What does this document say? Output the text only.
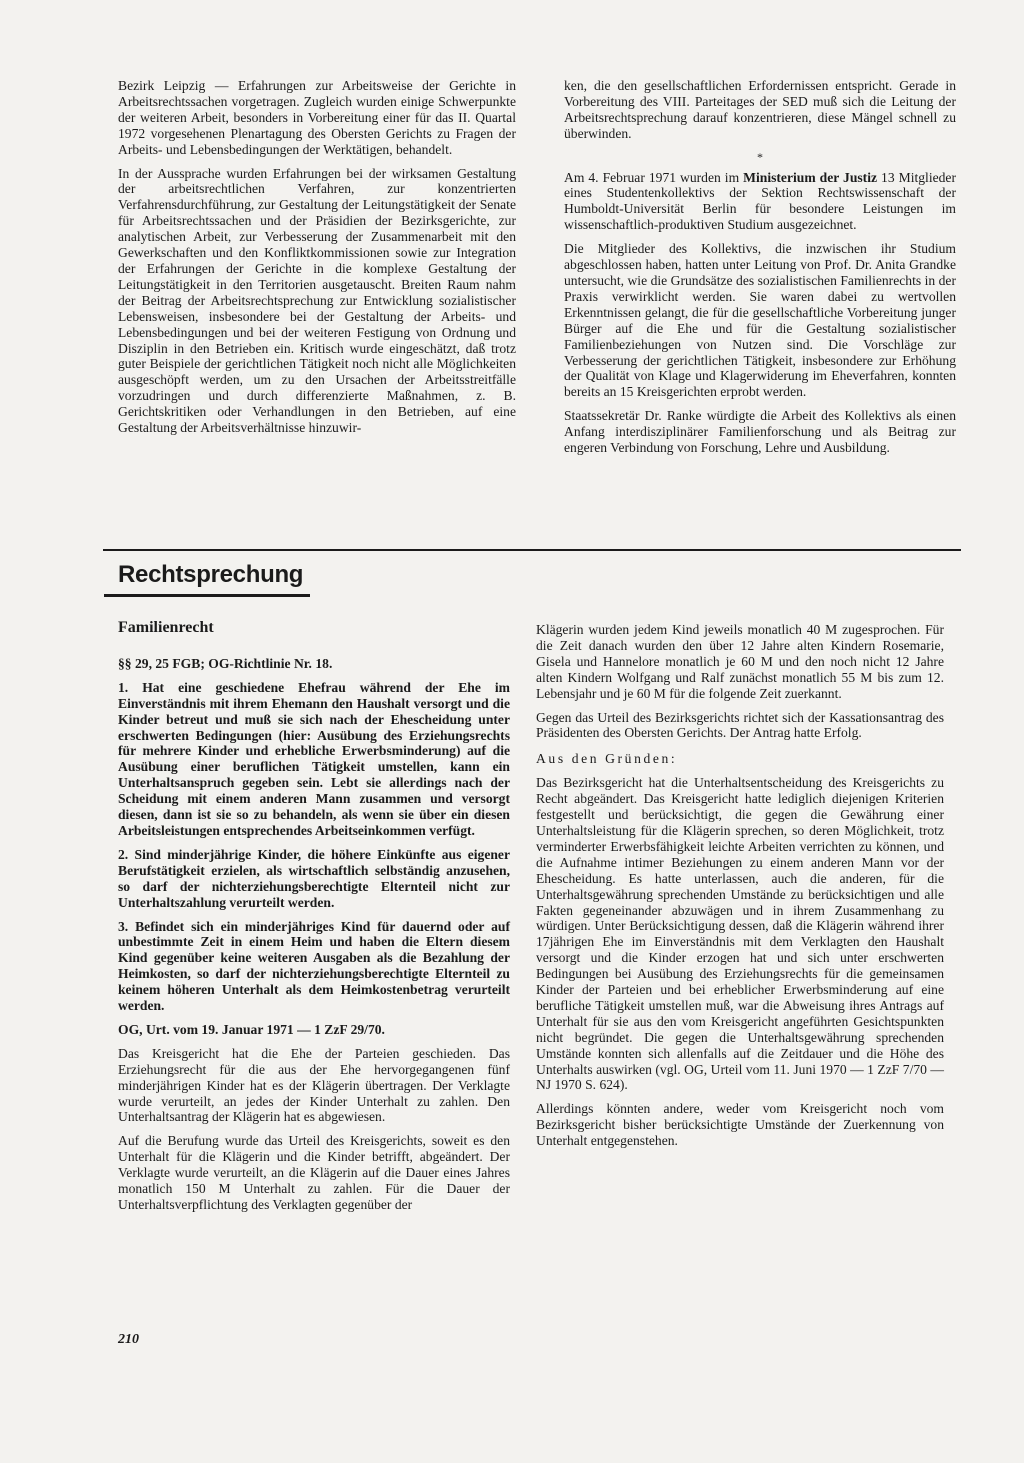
Bezirk Leipzig — Erfahrungen zur Arbeitsweise der Gerichte in Arbeitsrechtssachen vorgetragen. Zugleich wurden einige Schwerpunkte der weiteren Arbeit, besonders in Vorbereitung einer für das II. Quartal 1972 vorgesehenen Plenartagung des Obersten Gerichts zu Fragen der Arbeits- und Lebensbedingungen der Werktätigen, behandelt.

In der Aussprache wurden Erfahrungen bei der wirksamen Gestaltung der arbeitsrechtlichen Verfahren, zur konzentrierten Verfahrensdurchführung, zur Gestaltung der Leitungstätigkeit der Senate für Arbeitsrechtssachen und der Präsidien der Bezirksgerichte, zur analytischen Arbeit, zur Verbesserung der Zusammenarbeit mit den Gewerkschaften und den Konfliktkommissionen sowie zur Integration der Erfahrungen der Gerichte in die komplexe Gestaltung der Leitungstätigkeit in den Territorien ausgetauscht. Breiten Raum nahm der Beitrag der Arbeitsrechtsprechung zur Entwicklung sozialistischer Lebensweisen, insbesondere bei der Gestaltung der Arbeits- und Lebensbedingungen und bei der weiteren Festigung von Ordnung und Disziplin in den Betrieben ein. Kritisch wurde eingeschätzt, daß trotz guter Beispiele der gerichtlichen Tätigkeit noch nicht alle Möglichkeiten ausgeschöpft werden, um zu den Ursachen der Arbeitsstreitfälle vorzudringen und durch differenzierte Maßnahmen, z. B. Gerichtskritiken oder Verhandlungen in den Betrieben, auf eine Gestaltung der Arbeitsverhältnisse hinzuwir-

ken, die den gesellschaftlichen Erfordernissen entspricht. Gerade in Vorbereitung des VIII. Parteitages der SED muß sich die Leitung der Arbeitsrechtsprechung darauf konzentrieren, diese Mängel schnell zu überwinden.

*

Am 4. Februar 1971 wurden im Ministerium der Justiz 13 Mitglieder eines Studentenkollektivs der Sektion Rechtswissenschaft der Humboldt-Universität Berlin für besondere Leistungen im wissenschaftlich-produktiven Studium ausgezeichnet.

Die Mitglieder des Kollektivs, die inzwischen ihr Studium abgeschlossen haben, hatten unter Leitung von Prof. Dr. Anita Grandke untersucht, wie die Grundsätze des sozialistischen Familienrechts in der Praxis verwirklicht werden. Sie waren dabei zu wertvollen Erkenntnissen gelangt, die für die gesellschaftliche Vorbereitung junger Bürger auf die Ehe und für die Gestaltung sozialistischer Familienbeziehungen von Nutzen sind. Die Vorschläge zur Verbesserung der gerichtlichen Tätigkeit, insbesondere zur Erhöhung der Qualität von Klage und Klagerwiderung im Eheverfahren, konnten bereits an 15 Kreisgerichten erprobt werden.

Staatssekretär Dr. Ranke würdigte die Arbeit des Kollektivs als einen Anfang interdisziplinärer Familienforschung und als Beitrag zur engeren Verbindung von Forschung, Lehre und Ausbildung.

Rechtsprechung

Familienrecht

§§ 29, 25 FGB; OG-Richtlinie Nr. 18.

1. Hat eine geschiedene Ehefrau während der Ehe im Einverständnis mit ihrem Ehemann den Haushalt versorgt und die Kinder betreut und muß sie sich nach der Ehescheidung unter erschwerten Bedingungen (hier: Ausübung des Erziehungsrechts für mehrere Kinder und erhebliche Erwerbsminderung) auf die Ausübung einer beruflichen Tätigkeit umstellen, kann ein Unterhaltsanspruch gegeben sein. Lebt sie allerdings nach der Scheidung mit einem anderen Mann zusammen und versorgt diesen, dann ist sie so zu behandeln, als wenn sie über ein diesen Arbeitsleistungen entsprechendes Arbeitseinkommen verfügt.

2. Sind minderjährige Kinder, die höhere Einkünfte aus eigener Berufstätigkeit erzielen, als wirtschaftlich selbständig anzusehen, so darf der nichterziehungsberechtigte Elternteil nicht zur Unterhaltszahlung verurteilt werden.

3. Befindet sich ein minderjähriges Kind für dauernd oder auf unbestimmte Zeit in einem Heim und haben die Eltern diesem Kind gegenüber keine weiteren Ausgaben als die Bezahlung der Heimkosten, so darf der nichterziehungsberechtigte Elternteil zu keinem höheren Unterhalt als dem Heimkostenbetrag verurteilt werden.

OG, Urt. vom 19. Januar 1971 — 1 ZzF 29/70.

Das Kreisgericht hat die Ehe der Parteien geschieden. Das Erziehungsrecht für die aus der Ehe hervorgegangenen fünf minderjährigen Kinder hat es der Klägerin übertragen. Der Verklagte wurde verurteilt, an jedes der Kinder Unterhalt zu zahlen. Den Unterhaltsantrag der Klägerin hat es abgewiesen.

Auf die Berufung wurde das Urteil des Kreisgerichts, soweit es den Unterhalt für die Klägerin und die Kinder betrifft, abgeändert. Der Verklagte wurde verurteilt, an die Klägerin auf die Dauer eines Jahres monatlich 150 M Unterhalt zu zahlen. Für die Dauer der Unterhaltsverpflichtung des Verklagten gegenüber der

Klägerin wurden jedem Kind jeweils monatlich 40 M zugesprochen. Für die Zeit danach wurden den über 12 Jahre alten Kindern Rosemarie, Gisela und Hannelore monatlich je 60 M und den noch nicht 12 Jahre alten Kindern Wolfgang und Ralf zunächst monatlich 55 M bis zum 12. Lebensjahr und je 60 M für die folgende Zeit zuerkannt.

Gegen das Urteil des Bezirksgerichts richtet sich der Kassationsantrag des Präsidenten des Obersten Gerichts. Der Antrag hatte Erfolg.

Aus den Gründen:

Das Bezirksgericht hat die Unterhaltsentscheidung des Kreisgerichts zu Recht abgeändert. Das Kreisgericht hatte lediglich diejenigen Kriterien festgestellt und berücksichtigt, die gegen die Gewährung einer Unterhaltsleistung für die Klägerin sprechen, so deren Möglichkeit, trotz verminderter Erwerbsfähigkeit leichte Arbeiten verrichten zu können, und die Aufnahme intimer Beziehungen zu einem anderen Mann vor der Ehescheidung. Es hatte unterlassen, auch die anderen, für die Unterhaltsgewährung sprechenden Umstände zu berücksichtigen und alle Fakten gegeneinander abzuwägen und in ihrem Zusammenhang zu würdigen. Unter Berücksichtigung dessen, daß die Klägerin während ihrer 17jährigen Ehe im Einverständnis mit dem Verklagten den Haushalt versorgt und die Kinder erzogen hat und sich unter erschwerten Bedingungen bei Ausübung des Erziehungsrechts für die gemeinsamen Kinder der Parteien und bei erheblicher Erwerbsminderung auf eine berufliche Tätigkeit umstellen muß, war die Abweisung ihres Antrags auf Unterhalt für sie aus den vom Kreisgericht angeführten Gesichtspunkten nicht begründet. Die gegen die Unterhaltsgewährung sprechenden Umstände konnten sich allenfalls auf die Zeitdauer und die Höhe des Unterhalts auswirken (vgl. OG, Urteil vom 11. Juni 1970 — 1 ZzF 7/70 — NJ 1970 S. 624).

Allerdings könnten andere, weder vom Kreisgericht noch vom Bezirksgericht bisher berücksichtigte Umstände der Zuerkennung von Unterhalt entgegenstehen.

210
